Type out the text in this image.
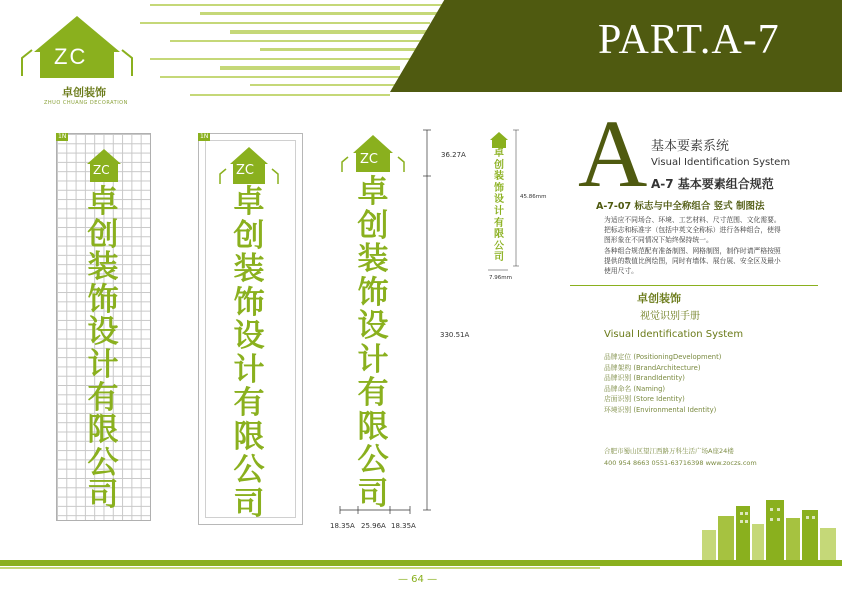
PART.A-7
ZC
卓创装饰
ZHUO CHUANG DECORATION
1N
ZC
卓
创
装
饰
设
计
有
限
公
司
1N
ZC
卓
创
装
饰
设
计
有
限
公
司
ZC
卓
创
装
饰
设
计
有
限
公
司
36.27A
330.51A
18.35A 25.96A 18.35A
卓
创
装
饰
设
计
有
限
公
司
45.86mm
7.96mm
A 基本要素系统
Visual Identification System
A-7 基本要素组合规范
A-7-07 标志与中全称组合 竖式 制图法
为适应不同场合、环境、工艺材料、尺寸范围、文化需要。
把标志和标准字（包括中英文全称标）进行各种组合，使得
图形象在不同情况下始终保持统一。
各种组合规范配有准备制图、网格制图，制作时请严格按照
提供的数值比例绘图，同时有墙体、展台展、安全区及最小
使用尺寸。
卓创装饰
视觉识别手册
Visual Identification System
品牌定位 (PositioningDevelopment)
品牌架构 (BrandArchitecture)
品牌识别 (BrandIdentity)
品牌命名 (Naming)
店面识别 (Store Identity)
环境识别 (Environmental Identity)
合肥市蜀山区望江西路万科生活广场A座24楼
400 954 8663 0551-63716398 www.zoczs.com
— 64 —
